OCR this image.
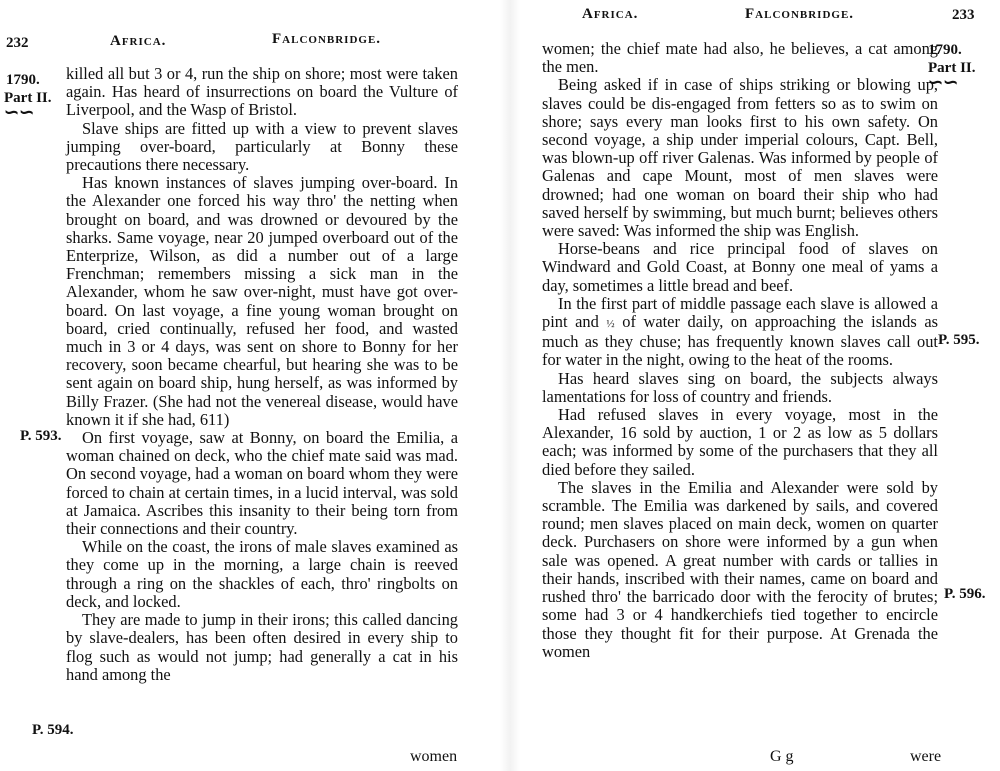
232	Africa.	Falconbridge.
1790.
Part II.
∽∽
P. 593.
P. 594.

killed all but 3 or 4, run the ship on shore; most were taken again. Has heard of insurrections on board the Vulture of Liverpool, and the Wasp of Bristol.

Slave ships are fitted up with a view to prevent slaves jumping over-board, particularly at Bonny these precautions there necessary.

Has known instances of slaves jumping over-board. In the Alexander one forced his way thro' the netting when brought on board, and was drowned or devoured by the sharks. Same voyage, near 20 jumped overboard out of the Enterprize, Wilson, as did a number out of a large Frenchman; remembers missing a sick man in the Alexander, whom he saw over-night, must have got over-board. On last voyage, a fine young woman brought on board, cried continually, refused her food, and wasted much in 3 or 4 days, was sent on shore to Bonny for her recovery, soon became chearful, but hearing she was to be sent again on board ship, hung herself, as was informed by Billy Frazer. (She had not the venereal disease, would have known it if she had, 611)

On first voyage, saw at Bonny, on board the Emilia, a woman chained on deck, who the chief mate said was mad. On second voyage, had a woman on board whom they were forced to chain at certain times, in a lucid interval, was sold at Jamaica. Ascribes this insanity to their being torn from their connections and their country.

While on the coast, the irons of male slaves examined as they come up in the morning, a large chain is reeved through a ring on the shackles of each, thro' ringbolts on deck, and locked.

They are made to jump in their irons; this called dancing by slave-dealers, has been often desired in every ship to flog such as would not jump; had generally a cat in his hand among the

women
Africa.	Falconbridge.	233
1790.
Part II.
∽∽
P. 595.
P. 596.

women; the chief mate had also, he believes, a cat among the men.

Being asked if in case of ships striking or blowing up, slaves could be dis-engaged from fetters so as to swim on shore; says every man looks first to his own safety. On second voyage, a ship under imperial colours, Capt. Bell, was blown-up off river Galenas. Was informed by people of Galenas and cape Mount, most of men slaves were drowned; had one woman on board their ship who had saved herself by swimming, but much burnt; believes others were saved: Was informed the ship was English.

Horse-beans and rice principal food of slaves on Windward and Gold Coast, at Bonny one meal of yams a day, sometimes a little bread and beef.

In the first part of middle passage each slave is allowed a pint and ½ of water daily, on approaching the islands as much as they chuse; has frequently known slaves call out for water in the night, owing to the heat of the rooms.

Has heard slaves sing on board, the subjects always lamentations for loss of country and friends.

Had refused slaves in every voyage, most in the Alexander, 16 sold by auction, 1 or 2 as low as 5 dollars each; was informed by some of the purchasers that they all died before they sailed.

The slaves in the Emilia and Alexander were sold by scramble. The Emilia was darkened by sails, and covered round; men slaves placed on main deck, women on quarter deck. Purchasers on shore were informed by a gun when sale was opened. A great number with cards or tallies in their hands, inscribed with their names, came on board and rushed thro' the barricado door with the ferocity of brutes; some had 3 or 4 handkerchiefs tied together to encircle those they thought fit for their purpose. At Grenada the women

G g	were
